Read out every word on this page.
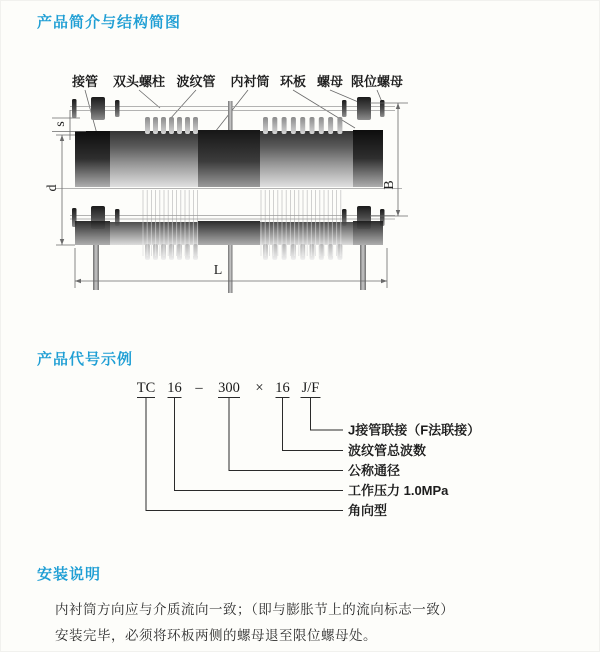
产品简介与结构简图
接管 双头螺柱 波纹管 内衬筒 环板 螺母 限位螺母
s
d	B
L
产品代号示例
TC 16 – 300 × 16 J/F
J接管联接（F法联接）
波纹管总波数
公称通径
工作压力 1.0MPa
角向型
安装说明

内衬筒方向应与介质流向一致；（即与膨胀节上的流向标志一致）

安装完毕，必须将环板两侧的螺母退至限位螺母处。
